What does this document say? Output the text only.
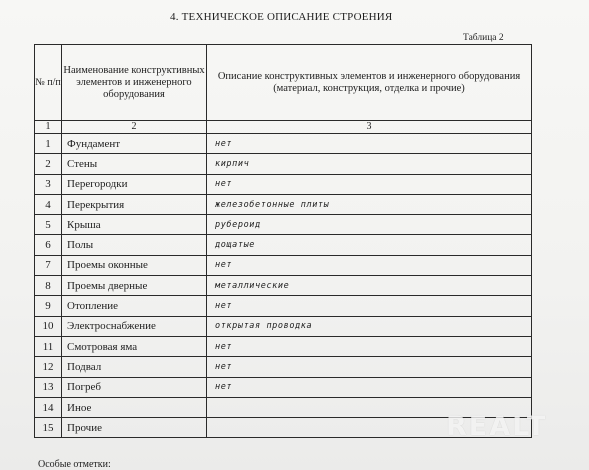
4. ТЕХНИЧЕСКОЕ ОПИСАНИЕ СТРОЕНИЯ
Таблица 2
№ п/п	Наименование конструктивных элементов и инженерного оборудования	Описание конструктивных элементов и инженерного оборудования (материал, конструкция, отделка и прочие)
1	2	3
1	Фундамент	нет
2	Стены	кирпич
3	Перегородки	нет
4	Перекрытия	железобетонные плиты
5	Крыша	рубероид
6	Полы	дощатые
7	Проемы оконные	нет
8	Проемы дверные	металлические
9	Отопление	нет
10	Электроснабжение	открытая проводка
11	Смотровая яма	нет
12	Подвал	нет
13	Погреб	нет
14	Иное	
15	Прочие	
Особые отметки:
REALT
